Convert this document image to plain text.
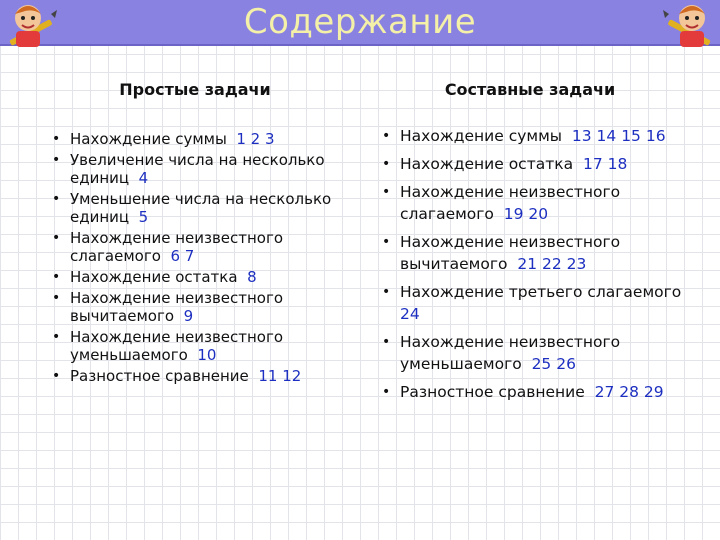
Содержание
Простые задачи	Составные задачи
• Нахождение суммы 1 2 3
• Увеличение числа на несколько единиц 4
• Уменьшение числа на несколько единиц 5
• Нахождение неизвестного слагаемого 6 7
• Нахождение остатка 8
• Нахождение неизвестного вычитаемого 9
• Нахождение неизвестного уменьшаемого 10
• Разностное сравнение 11 12
• Нахождение суммы 13 14 15 16
• Нахождение остатка 17 18
• Нахождение неизвестного слагаемого 19 20
• Нахождение неизвестного вычитаемого 21 22 23
• Нахождение третьего слагаемого  24
• Нахождение неизвестного уменьшаемого 25 26
• Разностное сравнение 27 28 29
